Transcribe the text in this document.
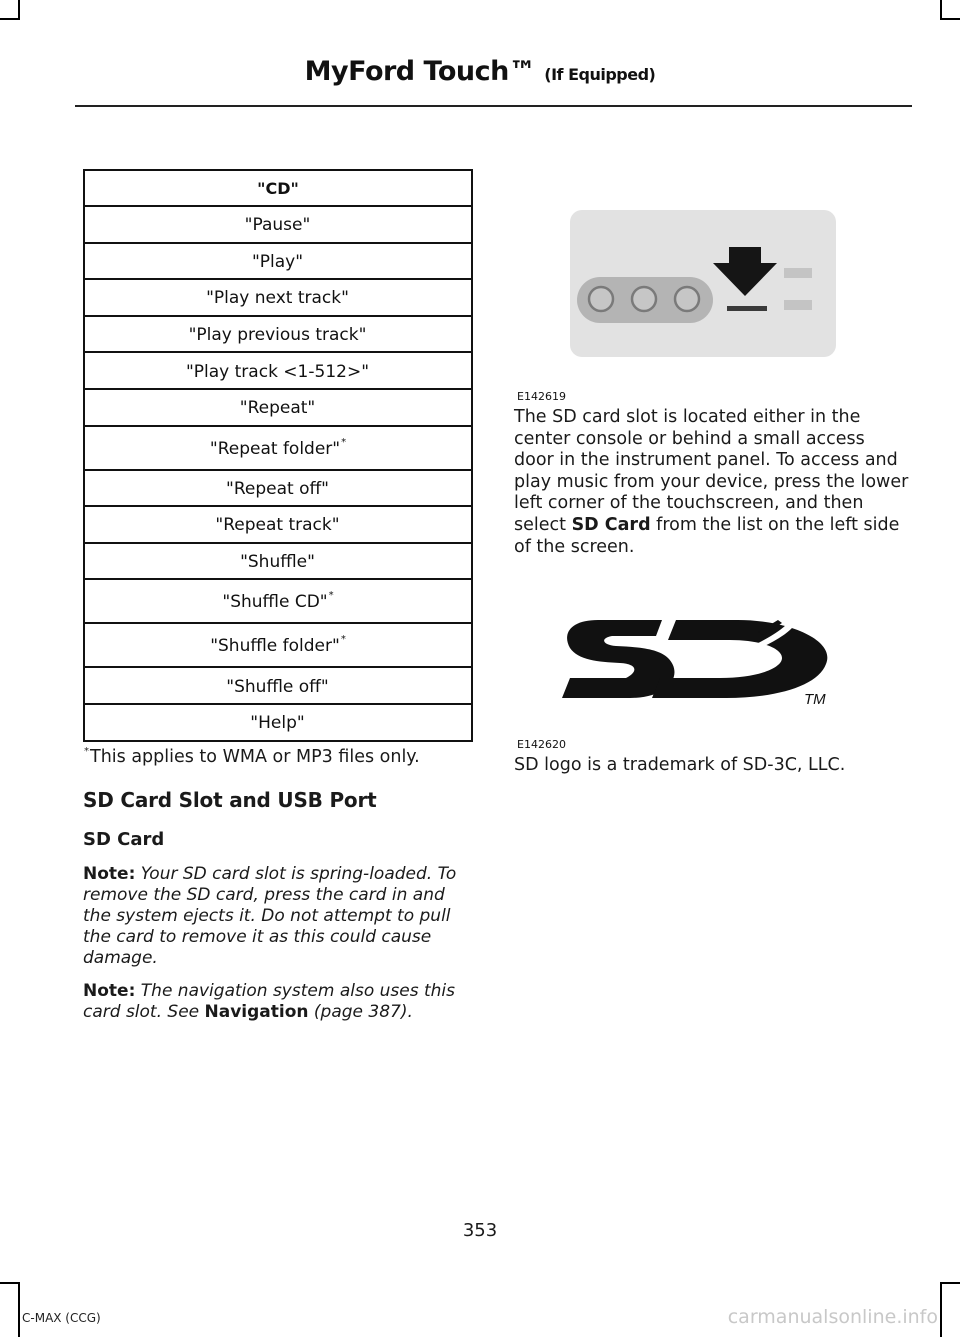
MyFord Touch™ (If Equipped)
"CD"
"Pause"
"Play"
"Play next track"
"Play previous track"
"Play track <1-512>"
"Repeat"
"Repeat folder"*
"Repeat off"
"Repeat track"
"Shuffle"
"Shuffle CD"*
"Shuffle folder"*
"Shuffle off"
"Help"
*This applies to WMA or MP3 files only.
SD Card Slot and USB Port
SD Card
Note: Your SD card slot is spring-loaded. To remove the SD card, press the card in and the system ejects it. Do not attempt to pull the card to remove it as this could cause damage.
Note: The navigation system also uses this card slot. See Navigation (page 387).
E142619
The SD card slot is located either in the center console or behind a small access door in the instrument panel. To access and play music from your device, press the lower left corner of the touchscreen, and then select SD Card from the list on the left side of the screen.
TM
E142620
SD logo is a trademark of SD-3C, LLC.
353
C-MAX (CCG)	carmanualsonline.info
